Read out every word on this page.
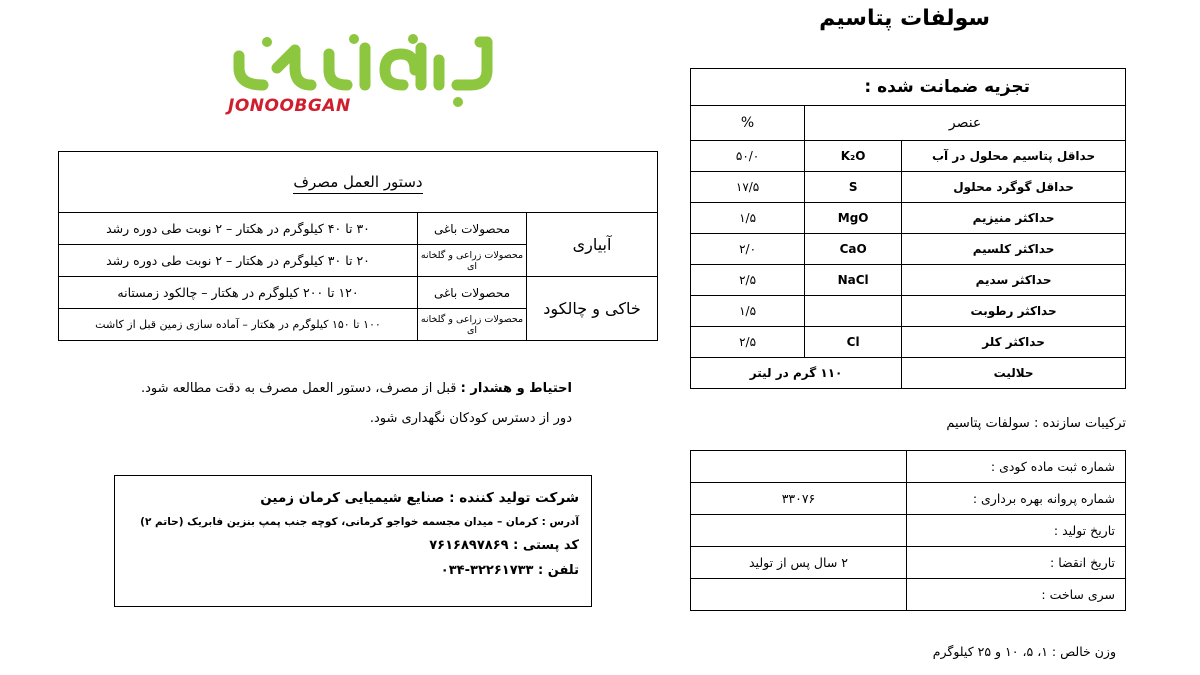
سولفات پتاسیم
JONOOBGAN
تجزیه ضمانت شده :		
عنصر		%
حداقل پتاسیم محلول در آب	K₂O	۵۰/۰
حداقل گوگرد محلول	S	۱۷/۵
حداکثر منیزیم	MgO	۱/۵
حداکثر کلسیم	CaO	۲/۰
حداکثر سدیم	NaCl	۲/۵
حداکثر رطوبت		۱/۵
حداکثر کلر	Cl	۲/۵
حلالیت	۱۱۰ گرم در لیتر	
ترکیبات سازنده : سولفات پتاسیم
شماره ثبت ماده کودی :	
شماره پروانه بهره برداری :	۳۳۰۷۶
تاریخ تولید :	
تاریخ انقضا :	۲ سال پس از تولید
سری ساخت :	
وزن خالص : ۱، ۵، ۱۰ و ۲۵ کیلوگرم
دستور العمل مصرف		
آبیاری	محصولات باغی	۳۰ تا ۴۰ کیلوگرم در هکتار – ۲ نوبت طی دوره رشد
	محصولات زراعی و گلخانه ای	۲۰ تا ۳۰ کیلوگرم در هکتار – ۲ نوبت طی دوره رشد
خاکی و چالکود	محصولات باغی	۱۲۰ تا ۲۰۰ کیلوگرم در هکتار – چالکود زمستانه
	محصولات زراعی و گلخانه ای	۱۰۰ تا ۱۵۰ کیلوگرم در هکتار – آماده سازی زمین قبل از کاشت
احتیاط و هشدار : قبل از مصرف، دستور العمل مصرف به دقت مطالعه شود.
دور از دسترس کودکان نگهداری شود.
شرکت تولید کننده : صنایع شیمیایی کرمان زمین
آدرس : کرمان – میدان مجسمه خواجو کرمانی، کوچه جنب پمپ بنزین فابریک (حاتم ۲)
کد پستی : ۷۶۱۶۸۹۷۸۶۹
تلفن : ۳۲۲۶۱۷۳۳-۰۳۴
